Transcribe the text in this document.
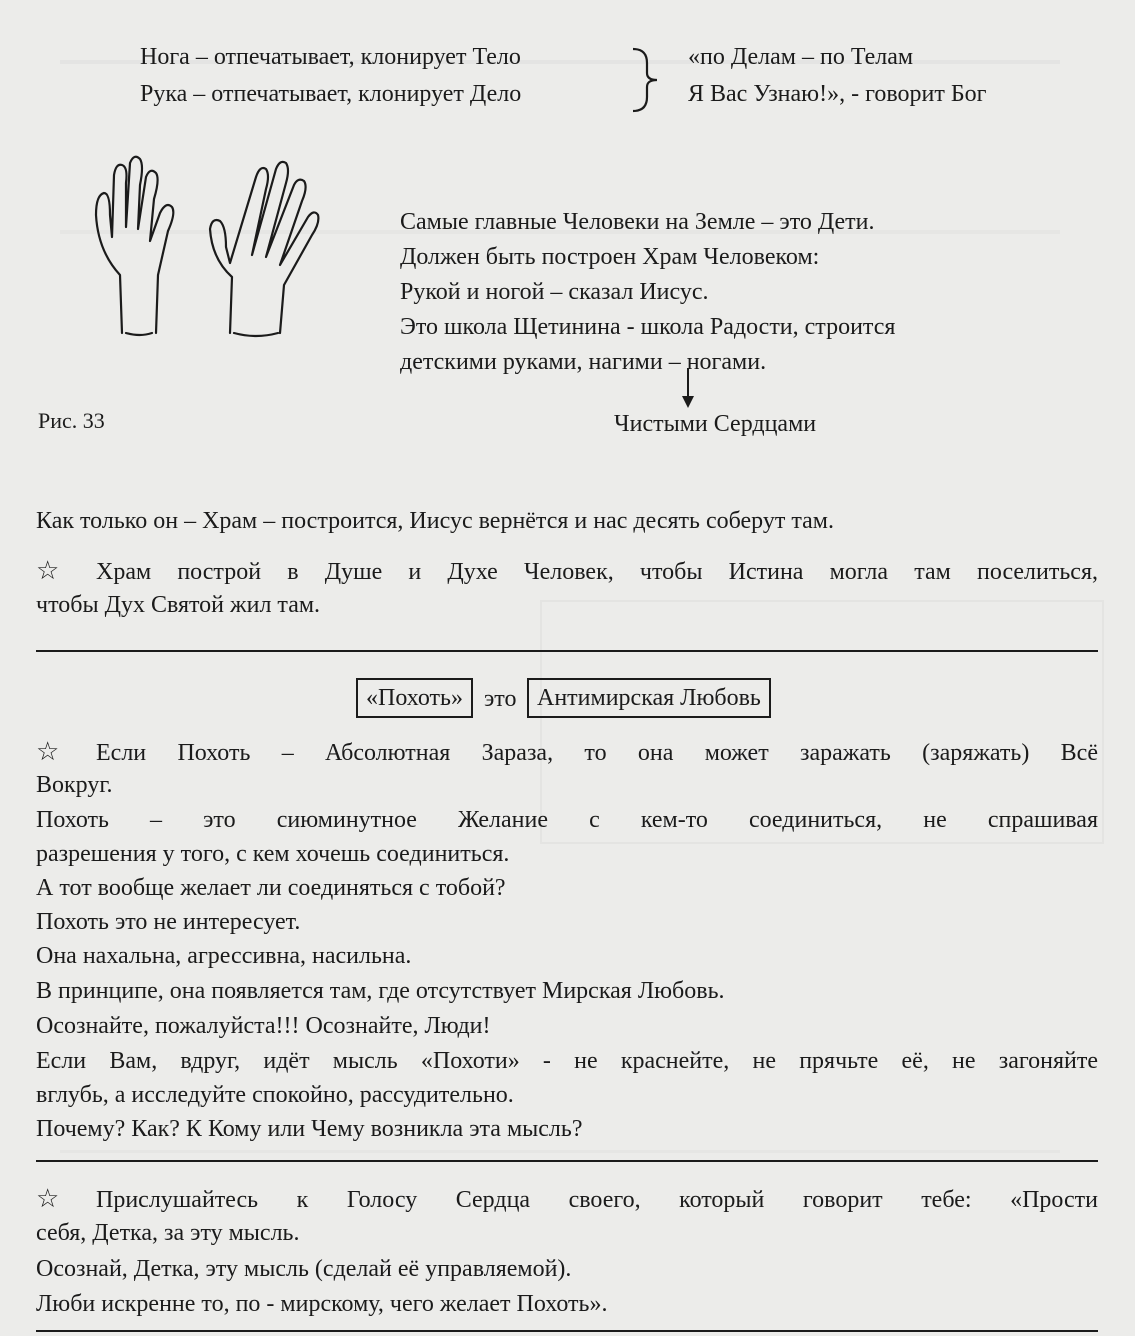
Нога – отпечатывает, клонирует Тело
Рука – отпечатывает, клонирует Дело
«по Делам – по Телам
Я Вас Узнаю!», - говорит Бог
Самые главные Человеки на Земле – это Дети.
Должен быть построен Храм Человеком:
Рукой и ногой – сказал Иисус.
Это школа Щетинина - школа Радости, строится
детскими руками, нагими – ногами.
Рис. 33	Чистыми Сердцами
Как только он – Храм – построится, Иисус вернётся и нас десять соберут там.
☆ Храм построй в Душе и Духе Человек, чтобы Истина могла там поселиться,
чтобы Дух Святой жил там.
«Похоть» это Антимирская Любовь
☆ Если Похоть – Абсолютная Зараза, то она может заражать (заряжать) Всё
Вокруг.
Похоть – это сиюминутное Желание с кем-то соединиться, не спрашивая
разрешения у того, с кем хочешь соединиться.
А тот вообще желает ли соединяться с тобой?
Похоть это не интересует.
Она нахальна, агрессивна, насильна.
В принципе, она появляется там, где отсутствует Мирская Любовь.
Осознайте, пожалуйста!!! Осознайте, Люди!
Если Вам, вдруг, идёт мысль «Похоти» - не краснейте, не прячьте её, не загоняйте
вглубь, а исследуйте спокойно, рассудительно.
Почему? Как? К Кому или Чему возникла эта мысль?
☆ Прислушайтесь к Голосу Сердца своего, который говорит тебе: «Прости
себя, Детка, за эту мысль.
Осознай, Детка, эту мысль (сделай её управляемой).
Люби искренне то, по - мирскому, чего желает Похоть».
